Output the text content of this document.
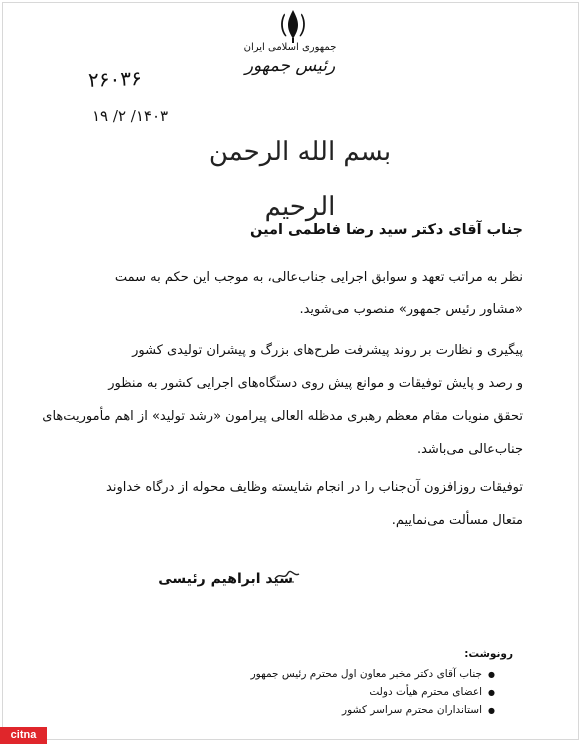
جمهوری اسلامی ایران
رئیس جمهور
۲۶۰۳۶
۱۴۰۳/ ۲/ ۱۹
بسم الله الرحمن الرحیم
جناب آقای دکتر سید رضا فاطمی امین
نظر به مراتب تعهد و سوابق اجرایی جناب‌عالی، به موجب این حکم به سمت
«مشاور رئیس جمهور» منصوب می‌شوید.
پیگیری و نظارت بر روند پیشرفت طرح‌های بزرگ و پیشران تولیدی کشور
و رصد و پایش توفیقات و موانع پیش روی دستگاه‌های اجرایی کشور به منظور
تحقق منویات مقام معظم رهبری مدظله العالی پیرامون «رشد تولید» از اهم مأموریت‌های
جناب‌عالی می‌باشد.
توفیقات روزافزون آن‌جناب را در انجام شایسته وظایف محوله از درگاه خداوند
متعال مسألت می‌نماییم.
سید ابراهیم رئیسی
رونوشت:
●جناب آقای دکتر مخبر معاون اول محترم رئیس جمهور
●اعضای محترم هیأت دولت
●استانداران محترم سراسر کشور
citna
